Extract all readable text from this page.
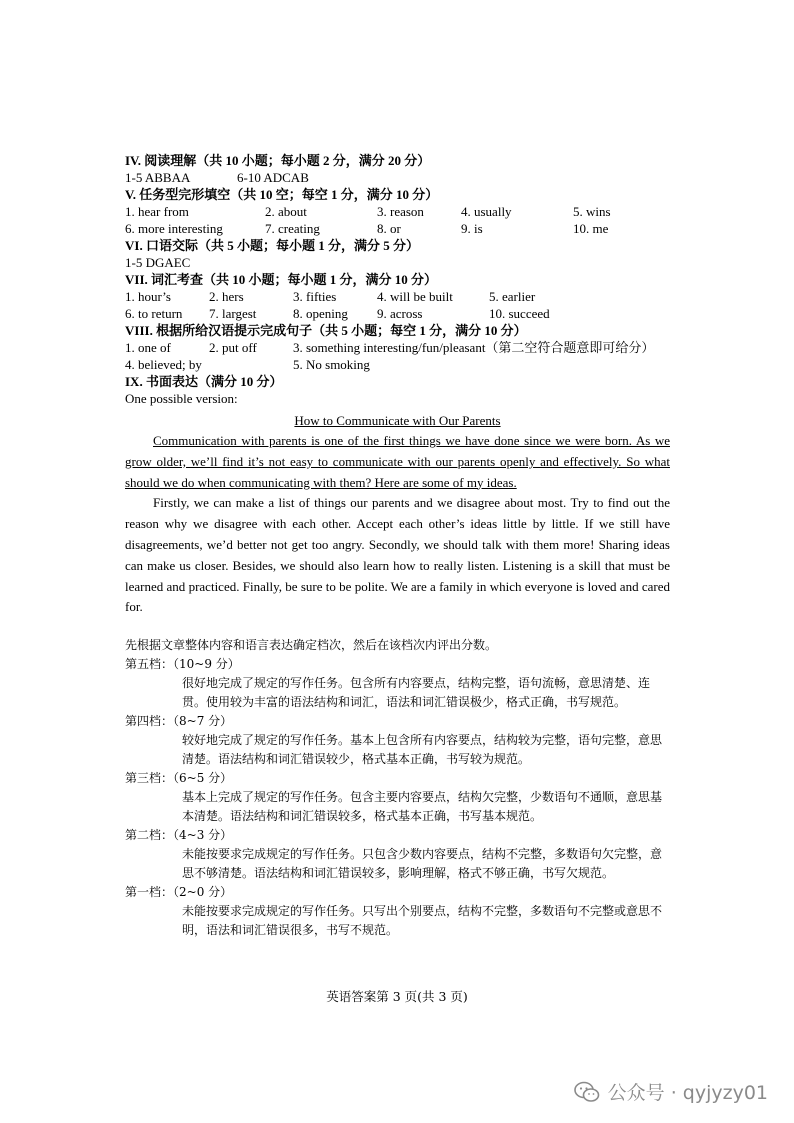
IV. 阅读理解（共 10 小题；每小题 2 分，满分 20 分）
1-5 ABBAA	6-10 ADCAB
V. 任务型完形填空（共 10 空；每空 1 分，满分 10 分）
1. hear from	2. about	3. reason	4. usually	5. wins
6. more interesting	7. creating	8. or	9. is	10. me
VI. 口语交际（共 5 小题；每小题 1 分，满分 5 分）
1-5 DGAEC
VII. 词汇考查（共 10 小题；每小题 1 分，满分 10 分）
1. hour’s	2. hers	3. fifties	4. will be built	5. earlier
6. to return 7. largest	8. opening 9. across	10. succeed
VIII. 根据所给汉语提示完成句子（共 5 小题；每空 1 分，满分 10 分）
1. one of	2. put off	3. something interesting/fun/pleasant（第二空符合题意即可给分）
4. believed; by	5. No smoking
IX. 书面表达（满分 10 分）
One possible version:
How to Communicate with Our Parents

Communication with parents is one of the first things we have done since we were born. As we grow older, we’ll find it’s not easy to communicate with our parents openly and effectively. So what should we do when communicating with them? Here are some of my ideas.

Firstly, we can make a list of things our parents and we disagree about most. Try to find out the reason why we disagree with each other. Accept each other’s ideas little by little. If we still have disagreements, we’d better not get too angry. Secondly, we should talk with them more! Sharing ideas can make us closer. Besides, we should also learn how to really listen. Listening is a skill that must be learned and practiced. Finally, be sure to be polite. We are a family in which everyone is loved and cared for.

先根据文章整体内容和语言表达确定档次，然后在该档次内评出分数。
第五档：（10~9 分）
很好地完成了规定的写作任务。包含所有内容要点，结构完整，语句流畅，意思清楚、连贯。使用较为丰富的语法结构和词汇，语法和词汇错误极少，格式正确，书写规范。
第四档：（8~7 分）
较好地完成了规定的写作任务。基本上包含所有内容要点，结构较为完整，语句完整，意思清楚。语法结构和词汇错误较少，格式基本正确，书写较为规范。
第三档：（6~5 分）
基本上完成了规定的写作任务。包含主要内容要点，结构欠完整，少数语句不通顺，意思基本清楚。语法结构和词汇错误较多，格式基本正确，书写基本规范。
第二档：（4~3 分）
未能按要求完成规定的写作任务。只包含少数内容要点，结构不完整，多数语句欠完整，意思不够清楚。语法结构和词汇错误较多，影响理解，格式不够正确，书写欠规范。
第一档：（2~0 分）
未能按要求完成规定的写作任务。只写出个别要点，结构不完整，多数语句不完整或意思不明，语法和词汇错误很多，书写不规范。
英语答案第 3 页(共 3 页)
公众号 · qyjyzy01
